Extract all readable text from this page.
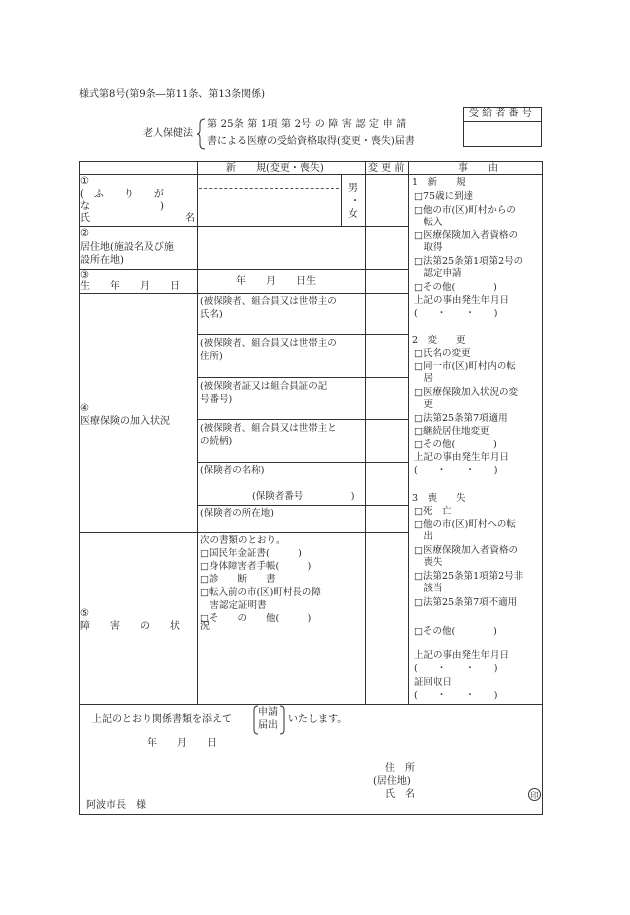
様式第8号(第9条―第11条、第13条関係)
老人保健法
第 25条 第 1項 第 2号 の 障 害 認 定 申 請
書による医療の受給資格取得(変更・喪失)届書
受 給 者 番 号
新　　規(変更・喪失)	変 更 前	事　　由
①
(　ふ　　り　　が
な　　　　　　　)
氏	名
男
・
女
②
居住地(施設名及び施
設所在地)
③
生　　年　　月　　日	年　　月　　日生
④
医療保険の加入状況
(被保険者、組合員又は世帯主の
氏名)
(被保険者、組合員又は世帯主の
住所)
(被保険者証又は組合員証の記
号番号)
(被保険者、組合員又は世帯主と
の続柄)
(保険者の名称)
(保険者番号　　　　　)
(保険者の所在地)
⑤
障　　害　　の　　状　　況
次の書類のとおり。
□国民年金証書(　　　)
□身体障害者手帳(　　　)
□診　　断　　書
□転入前の市(区)町村長の障
　害認定証明書
□そ　　の　　他(　　　)
1　新　　規
□75歳に到達
□他の市(区)町村からの
　転入
□医療保険加入者資格の
　取得
□法第25条第1項第2号の
　認定申請
□その他(　　　　)
上記の事由発生年月日
(　　・　　・　　)
2　変　　更
□氏名の変更
□同一市(区)町村内の転
　居
□医療保険加入状況の変
　更
□法第25条第7項適用
□継続居住地変更
□その他(　　　　)
上記の事由発生年月日
(　　・　　・　　)
3　喪　　失
□死　亡
□他の市(区)町村への転
　出
□医療保険加入者資格の
　喪失
□法第25条第1項第2号非
　該当
□法第25条第7項不適用
□その他(　　　　)
上記の事由発生年月日
(　　・　　・　　)
証回収日
(　　・　　・　　)
上記のとおり関係書類を添えて
申請
届出
いたします。
年　　月　　日
住　所
(居住地)
氏　名	印
阿波市長　様
